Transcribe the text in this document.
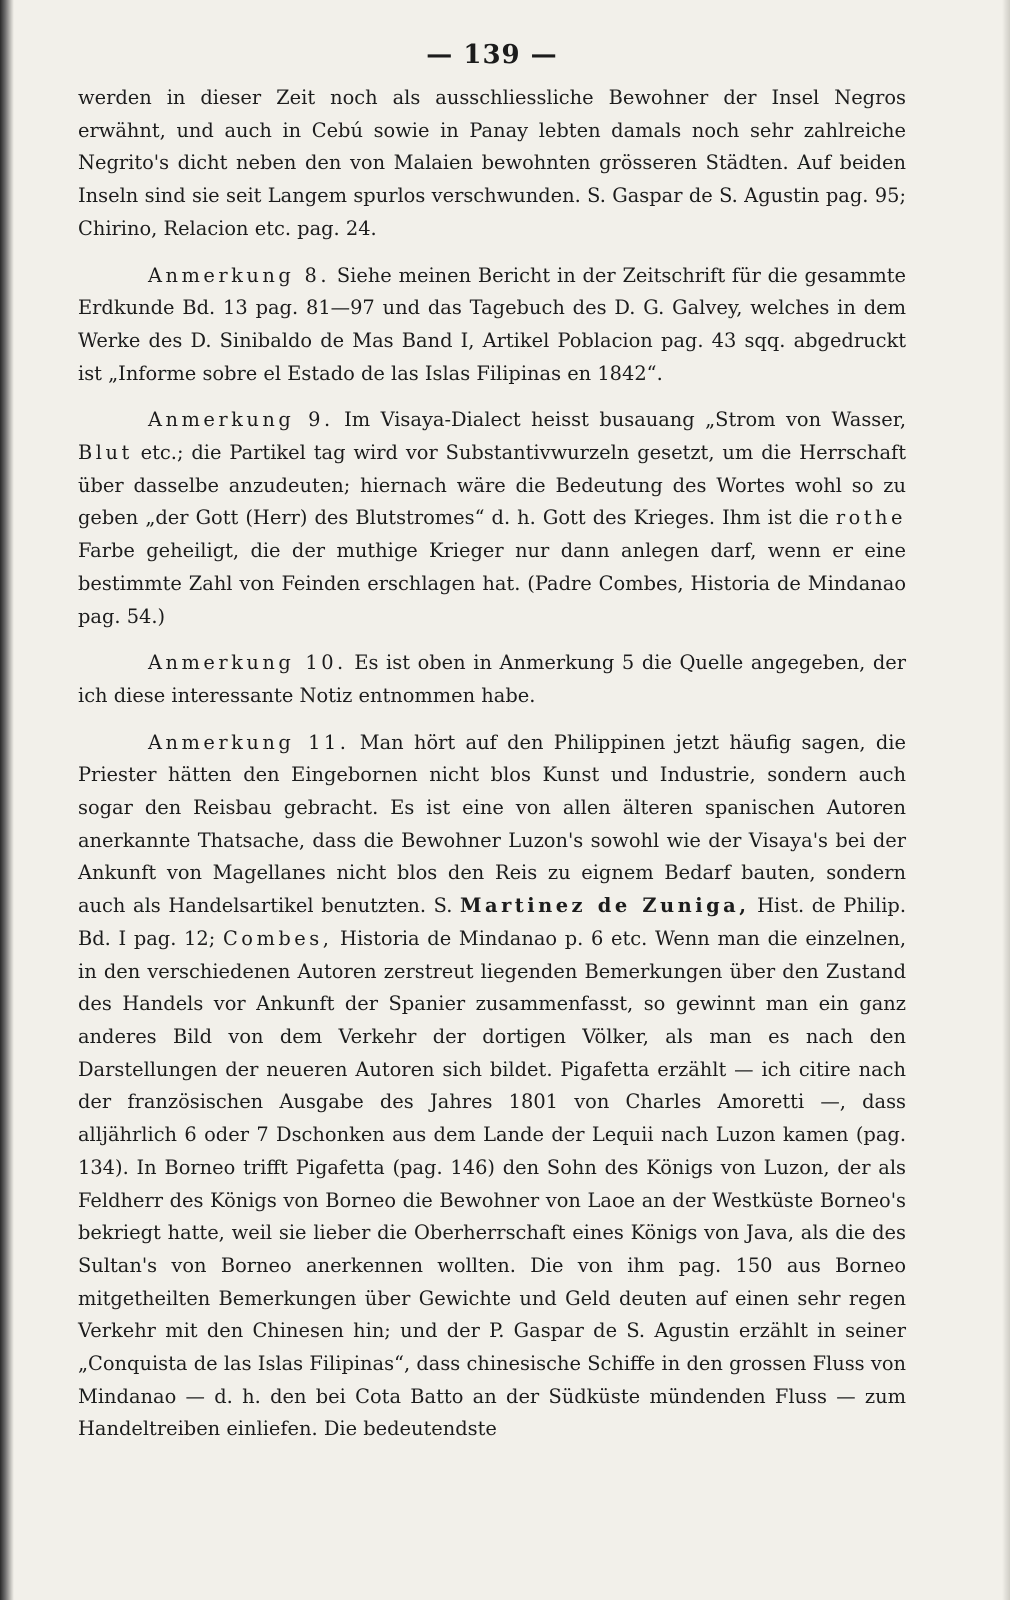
— 139 —

werden in dieser Zeit noch als ausschliessliche Bewohner der Insel Negros erwähnt, und auch in Cebú sowie in Panay lebten damals noch sehr zahlreiche Negrito's dicht neben den von Malaien bewohnten grösseren Städten. Auf beiden Inseln sind sie seit Langem spurlos verschwunden. S. Gaspar de S. Agustin pag. 95; Chirino, Relacion etc. pag. 24.

Anmerkung 8. Siehe meinen Bericht in der Zeitschrift für die gesammte Erdkunde Bd. 13 pag. 81—97 und das Tagebuch des D. G. Galvey, welches in dem Werke des D. Sinibaldo de Mas Band I, Artikel Poblacion pag. 43 sqq. abgedruckt ist „Informe sobre el Estado de las Islas Filipinas en 1842“.

Anmerkung 9. Im Visaya-Dialect heisst busauang „Strom von Wasser, Blut etc.; die Partikel tag wird vor Substantivwurzeln gesetzt, um die Herrschaft über dasselbe anzudeuten; hiernach wäre die Bedeutung des Wortes wohl so zu geben „der Gott (Herr) des Blutstromes“ d. h. Gott des Krieges. Ihm ist die rothe Farbe geheiligt, die der muthige Krieger nur dann anlegen darf, wenn er eine bestimmte Zahl von Feinden erschlagen hat. (Padre Combes, Historia de Mindanao pag. 54.)

Anmerkung 10. Es ist oben in Anmerkung 5 die Quelle angegeben, der ich diese interessante Notiz entnommen habe.

Anmerkung 11. Man hört auf den Philippinen jetzt häufig sagen, die Priester hätten den Eingebornen nicht blos Kunst und Industrie, sondern auch sogar den Reisbau gebracht. Es ist eine von allen älteren spanischen Autoren anerkannte Thatsache, dass die Bewohner Luzon's sowohl wie der Visaya's bei der Ankunft von Magellanes nicht blos den Reis zu eignem Bedarf bauten, sondern auch als Handelsartikel benutzten. S. Martinez de Zuniga, Hist. de Philip. Bd. I pag. 12; Combes, Historia de Mindanao p. 6 etc. Wenn man die einzelnen, in den verschiedenen Autoren zerstreut liegenden Bemerkungen über den Zustand des Handels vor Ankunft der Spanier zusammenfasst, so gewinnt man ein ganz anderes Bild von dem Verkehr der dortigen Völker, als man es nach den Darstellungen der neueren Autoren sich bildet. Pigafetta erzählt — ich citire nach der französischen Ausgabe des Jahres 1801 von Charles Amoretti —, dass alljährlich 6 oder 7 Dschonken aus dem Lande der Lequii nach Luzon kamen (pag. 134). In Borneo trifft Pigafetta (pag. 146) den Sohn des Königs von Luzon, der als Feldherr des Königs von Borneo die Bewohner von Laoe an der Westküste Borneo's bekriegt hatte, weil sie lieber die Oberherrschaft eines Königs von Java, als die des Sultan's von Borneo anerkennen wollten. Die von ihm pag. 150 aus Borneo mitgetheilten Bemerkungen über Gewichte und Geld deuten auf einen sehr regen Verkehr mit den Chinesen hin; und der P. Gaspar de S. Agustin erzählt in seiner „Conquista de las Islas Filipinas“, dass chinesische Schiffe in den grossen Fluss von Mindanao — d. h. den bei Cota Batto an der Südküste mündenden Fluss — zum Handeltreiben einliefen. Die bedeutendste
